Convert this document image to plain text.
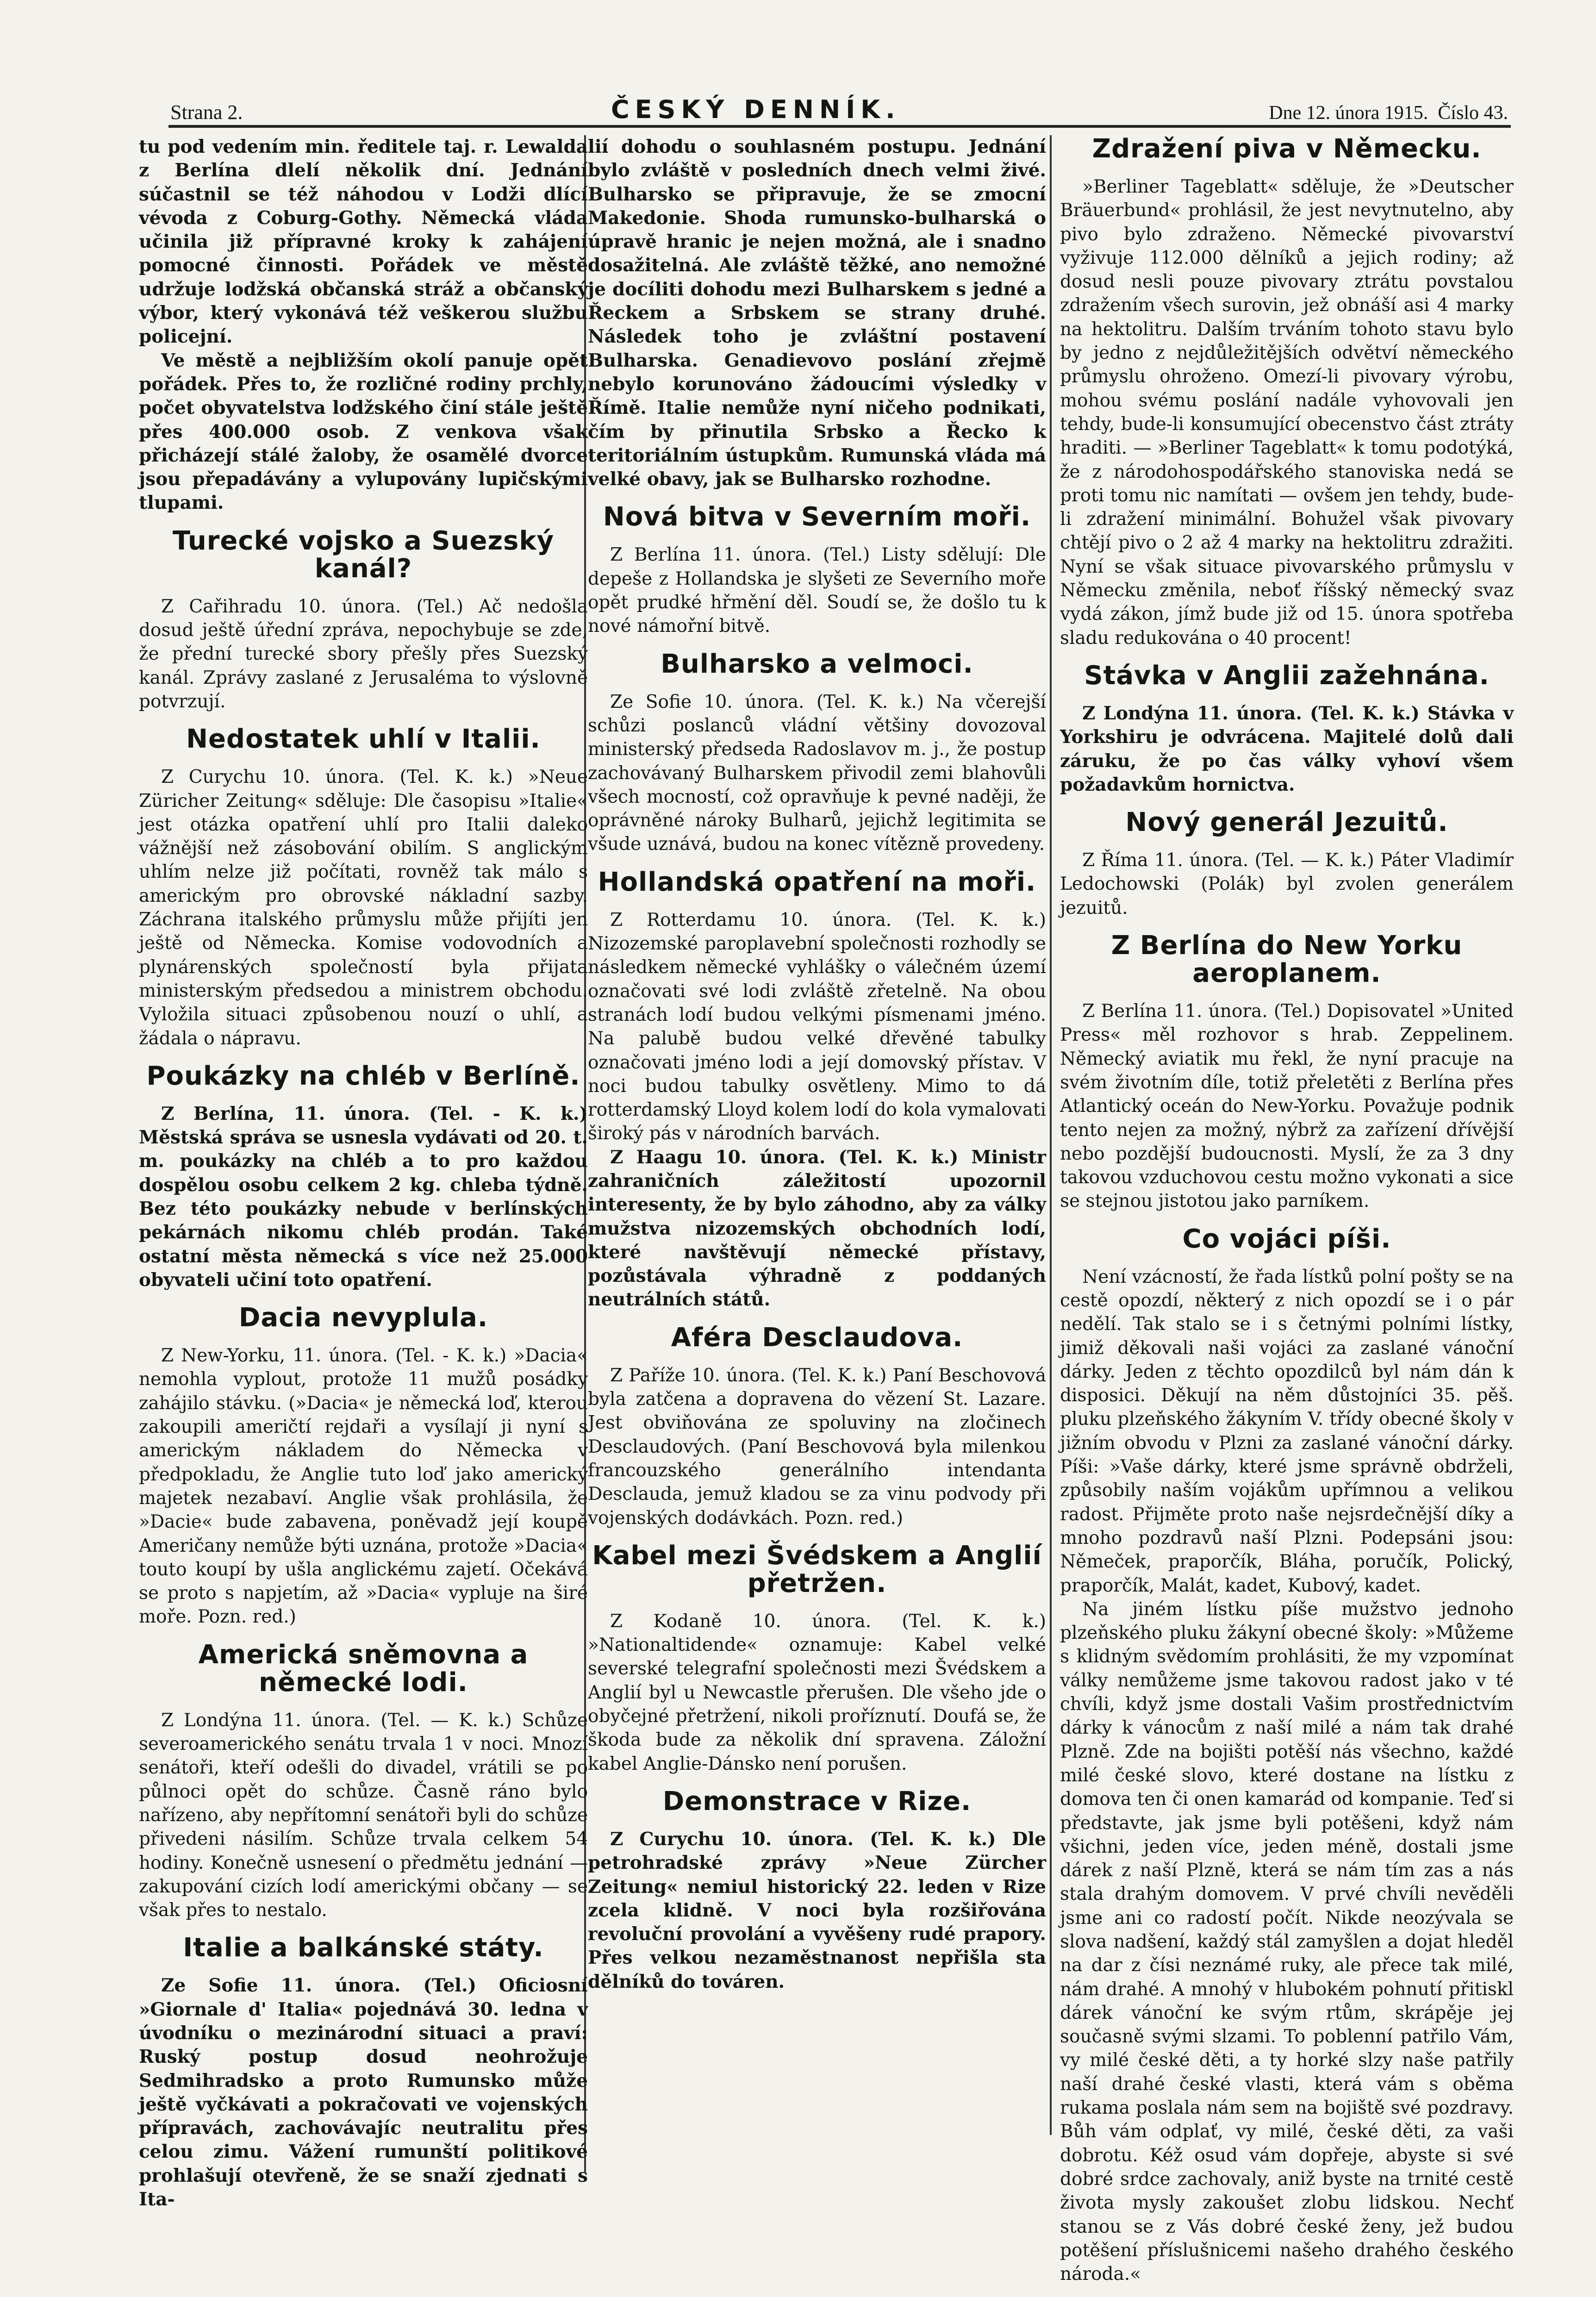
Strana 2.	ČESKÝ DENNÍK.	Dne 12. února 1915. Číslo 43.

tu pod vedením min. ředitele taj. r. Lewalda z Berlína dlelí několik dní. Jednání súčastnil se též náhodou v Lodži dlící vévoda z Coburg-Gothy. Německá vláda učinila již přípravné kroky k zahájení pomocné činnosti. Pořádek ve městě udržuje lodžská občanská stráž a občanský výbor, který vykonává též veškerou službu policejní.

Ve městě a nejbližším okolí panuje opět pořádek. Přes to, že rozličné rodiny prchly, počet obyvatelstva lodžského činí stále ještě přes 400.000 osob. Z venkova však přicházejí stálé žaloby, že osamělé dvorce jsou přepadávány a vylupovány lupičskými tlupami.

Turecké vojsko a Suezský kanál?

Z Cařihradu 10. února. (Tel.) Ač nedošla dosud ještě úřední zpráva, nepochybuje se zde, že přední turecké sbory přešly přes Suezský kanál. Zprávy zaslané z Jerusaléma to výslovně potvrzují.

Nedostatek uhlí v Italii.

Z Curychu 10. února. (Tel. K. k.) »Neue Züricher Zeitung« sděluje: Dle časopisu »Italie« jest otázka opatření uhlí pro Italii daleko vážnější než zásobování obilím. S anglickým uhlím nelze již počítati, rovněž tak málo s americkým pro obrovské nákladní sazby. Záchrana italského průmyslu může přijíti jen ještě od Německa. Komise vodovodních a plynárenských společností byla přijata ministerským předsedou a ministrem obchodu. Vyložila situaci způsobenou nouzí o uhlí, a žádala o nápravu.

Poukázky na chléb v Berlíně.

Z Berlína, 11. února. (Tel. - K. k.) Městská správa se usnesla vydávati od 20. t. m. poukázky na chléb a to pro každou dospělou osobu celkem 2 kg. chleba týdně. Bez této poukázky nebude v berlínských pekárnách nikomu chléb prodán. Také ostatní města německá s více než 25.000 obyvateli učiní toto opatření.

Dacia nevyplula.

Z New-Yorku, 11. února. (Tel. - K. k.) »Dacia« nemohla vyplout, protože 11 mužů posádky zahájilo stávku. (»Dacia« je německá loď, kterou zakoupili američtí rejdaři a vysílají ji nyní s americkým nákladem do Německa v předpokladu, že Anglie tuto loď jako americký majetek nezabaví. Anglie však prohlásila, že »Dacie« bude zabavena, poněvadž její koupě Američany nemůže býti uznána, protože »Dacia« touto koupí by ušla anglickému zajetí. Očekává se proto s napjetím, až »Dacia« vypluje na širé moře. Pozn. red.)

Americká sněmovna a německé lodi.

Z Londýna 11. února. (Tel. — K. k.) Schůze severoamerického senátu trvala 1 v noci. Mnozí senátoři, kteří odešli do divadel, vrátili se po půlnoci opět do schůze. Časně ráno bylo nařízeno, aby nepřítomní senátoři byli do schůze přivedeni násilím. Schůze trvala celkem 54 hodiny. Konečně usnesení o předmětu jednání — zakupování cizích lodí americkými občany — se však přes to nestalo.

Italie a balkánské státy.

Ze Sofie 11. února. (Tel.) Oficiosní »Giornale d' Italia« pojednává 30. ledna v úvodníku o mezinárodní situaci a praví: Ruský postup dosud neohrožuje Sedmihradsko a proto Rumunsko může ještě vyčkávati a pokračovati ve vojenských přípravách, zachovávajíc neutralitu přes celou zimu. Vážení rumunští politikové prohlašují otevřeně, že se snaží zjednati s Ita-

lií dohodu o souhlasném postupu. Jednání bylo zvláště v posledních dnech velmi živé. Bulharsko se připravuje, že se zmocní Makedonie. Shoda rumunsko-bulharská o úpravě hranic je nejen možná, ale i snadno dosažitelná. Ale zvláště těžké, ano nemožné je docíliti dohodu mezi Bulharskem s jedné a Řeckem a Srbskem se strany druhé. Následek toho je zvláštní postavení Bulharska. Genadievovo poslání zřejmě nebylo korunováno žádoucími výsledky v Římě. Italie nemůže nyní ničeho podnikati, čím by přinutila Srbsko a Řecko k teritoriálním ústupkům. Rumunská vláda má velké obavy, jak se Bulharsko rozhodne.

Nová bitva v Severním moři.

Z Berlína 11. února. (Tel.) Listy sdělují: Dle depeše z Hollandska je slyšeti ze Severního moře opět prudké hřmění děl. Soudí se, že došlo tu k nové námořní bitvě.

Bulharsko a velmoci.

Ze Sofie 10. února. (Tel. K. k.) Na včerejší schůzi poslanců vládní většiny dovozoval ministerský předseda Radoslavov m. j., že postup zachovávaný Bulharskem přivodil zemi blahovůli všech mocností, což opravňuje k pevné naději, že oprávněné nároky Bulharů, jejichž legitimita se všude uznává, budou na konec vítězně provedeny.

Hollandská opatření na moři.

Z Rotterdamu 10. února. (Tel. K. k.) Nizozemské paroplavební společnosti rozhodly se následkem německé vyhlášky o válečném území označovati své lodi zvláště zřetelně. Na obou stranách lodí budou velkými písmenami jméno. Na palubě budou velké dřevěné tabulky označovati jméno lodi a její domovský přístav. V noci budou tabulky osvětleny. Mimo to dá rotterdamský Lloyd kolem lodí do kola vymalovati široký pás v národních barvách.

Z Haagu 10. února. (Tel. K. k.) Ministr zahraničních záležitostí upozornil interesenty, že by bylo záhodno, aby za války mužstva nizozemských obchodních lodí, které navštěvují německé přístavy, pozůstávala výhradně z poddaných neutrálních států.

Aféra Desclaudova.

Z Paříže 10. února. (Tel. K. k.) Paní Beschovová byla zatčena a dopravena do vězení St. Lazare. Jest obviňována ze spoluviny na zločinech Desclaudových. (Paní Beschovová byla milenkou francouzského generálního intendanta Desclauda, jemuž kladou se za vinu podvody při vojenských dodávkách. Pozn. red.)

Kabel mezi Švédskem a Anglií přetržen.

Z Kodaně 10. února. (Tel. K. k.) »Nationaltidende« oznamuje: Kabel velké severské telegrafní společnosti mezi Švédskem a Anglií byl u Newcastle přerušen. Dle všeho jde o obyčejné přetržení, nikoli proříznutí. Doufá se, že škoda bude za několik dní spravena. Záložní kabel Anglie-Dánsko není porušen.

Demonstrace v Rize.

Z Curychu 10. února. (Tel. K. k.) Dle petrohradské zprávy »Neue Zürcher Zeitung« nemiul historický 22. leden v Rize zcela klidně. V noci byla rozšiřována revoluční provolání a vyvěšeny rudé prapory. Přes velkou nezaměstnanost nepřišla sta dělníků do továren.

Zdražení piva v Německu.

»Berliner Tageblatt« sděluje, že »Deutscher Bräuerbund« prohlásil, že jest nevytnutelno, aby pivo bylo zdraženo. Německé pivovarství vyživuje 112.000 dělníků a jejich rodiny; až dosud nesli pouze pivovary ztrátu povstalou zdražením všech surovin, jež obnáší asi 4 marky na hektolitru. Dalším trváním tohoto stavu bylo by jedno z nejdůležitějších odvětví německého průmyslu ohroženo. Omezí-li pivovary výrobu, mohou svému poslání nadále vyhovovali jen tehdy, bude-li konsumující obecenstvo část ztráty hraditi. — »Berliner Tageblatt« k tomu podotýká, že z národohospodářského stanoviska nedá se proti tomu nic namítati — ovšem jen tehdy, bude-li zdražení minimální. Bohužel však pivovary chtějí pivo o 2 až 4 marky na hektolitru zdražiti. Nyní se však situace pivovarského průmyslu v Německu změnila, neboť říšský německý svaz vydá zákon, jímž bude již od 15. února spotřeba sladu redukována o 40 procent!

Stávka v Anglii zažehnána.

Z Londýna 11. února. (Tel. K. k.) Stávka v Yorkshiru je odvrácena. Majitelé dolů dali záruku, že po čas války vyhoví všem požadavkům hornictva.

Nový generál Jezuitů.

Z Říma 11. února. (Tel. — K. k.) Páter Vladimír Ledochowski (Polák) byl zvolen generálem jezuitů.

Z Berlína do New Yorku aeroplanem.

Z Berlína 11. února. (Tel.) Dopisovatel »United Press« měl rozhovor s hrab. Zeppelinem. Německý aviatik mu řekl, že nyní pracuje na svém životním díle, totiž přeletěti z Berlína přes Atlantický oceán do New-Yorku. Považuje podnik tento nejen za možný, nýbrž za zařízení dřívější nebo pozdější budoucnosti. Myslí, že za 3 dny takovou vzduchovou cestu možno vykonati a sice se stejnou jistotou jako parníkem.

Co vojáci píši.

Není vzácností, že řada lístků polní pošty se na cestě opozdí, některý z nich opozdí se i o pár nedělí. Tak stalo se i s četnými polními lístky, jimiž děkovali naši vojáci za zaslané vánoční dárky. Jeden z těchto opozdilců byl nám dán k disposici. Děkují na něm důstojníci 35. pěš. pluku plzeňského žákyním V. třídy obecné školy v jižním obvodu v Plzni za zaslané vánoční dárky. Píši: »Vaše dárky, které jsme správně obdrželi, způsobily naším vojákům upřímnou a velikou radost. Přijměte proto naše nejsrdečnější díky a mnoho pozdravů naší Plzni. Podepsáni jsou: Němeček, praporčík, Bláha, poručík, Polický, praporčík, Malát, kadet, Kubový, kadet.

Na jiném lístku píše mužstvo jednoho plzeňského pluku žákyní obecné školy: »Můžeme s klidným svědomím prohlásiti, že my vzpomínat války nemůžeme jsme takovou radost jako v té chvíli, když jsme dostali Vašim prostřednictvím dárky k vánocům z naší milé a nám tak drahé Plzně. Zde na bojišti potěší nás všechno, každé milé české slovo, které dostane na lístku z domova ten či onen kamarád od kompanie. Teď si představte, jak jsme byli potěšeni, když nám všichni, jeden více, jeden méně, dostali jsme dárek z naší Plzně, která se nám tím zas a nás stala drahým domovem. V prvé chvíli nevěděli jsme ani co radostí počít. Nikde neozývala se slova nadšení, každý stál zamyšlen a dojat hleděl na dar z čísi neznámé ruky, ale přece tak milé, nám drahé. A mnohý v hlubokém pohnutí přitiskl dárek vánoční ke svým rtům, skrápěje jej současně svými slzami. To poblenní patřilo Vám, vy milé české děti, a ty horké slzy naše patřily naší drahé české vlasti, která vám s oběma rukama poslala nám sem na bojiště své pozdravy. Bůh vám odplať, vy milé, české děti, za vaši dobrotu. Kéž osud vám dopřeje, abyste si své dobré srdce zachovaly, aniž byste na trnité cestě života mysly zakoušet zlobu lidskou. Nechť stanou se z Vás dobré české ženy, jež budou potěšení příslušnicemi našeho drahého českého národa.«
